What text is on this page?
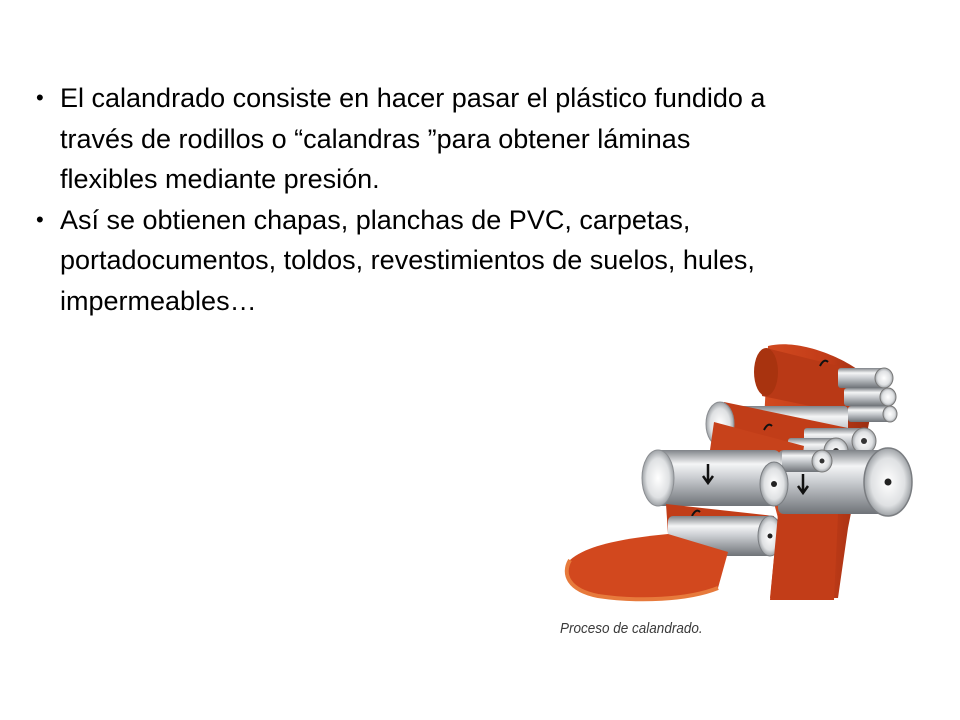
• El calandrado consiste en hacer pasar el plástico fundido a
través de rodillos o “calandras ”para obtener láminas
flexibles mediante presión.
• Así se obtienen chapas, planchas de PVC, carpetas,
portadocumentos, toldos, revestimientos de suelos, hules,
impermeables…
Proceso de calandrado.
